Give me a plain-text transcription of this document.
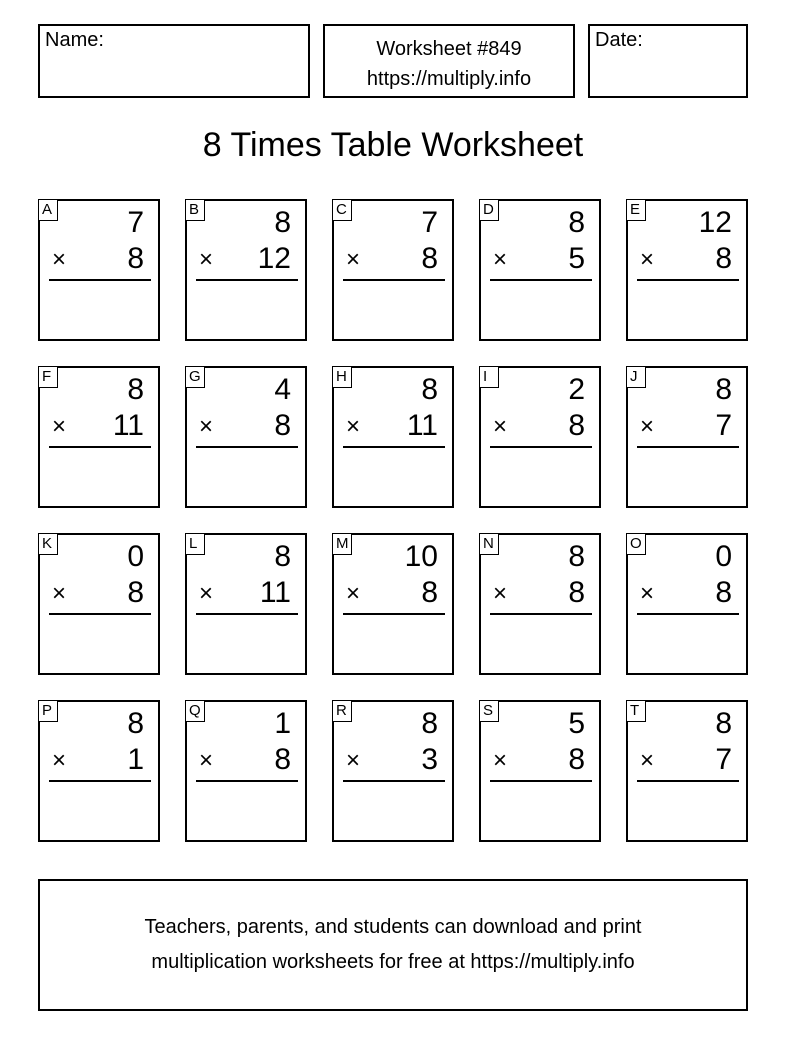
Name:	Worksheet #849
https://multiply.info
Date:
8 Times Table Worksheet
A	7
× 8
B	8
× 12
C 7
× 8
D 8
× 5
E 12
× 8
F	8
× 11
G 4
× 8
H 8
× 11
I	2
× 8
J	8
× 7
K	0
× 8
L	8
× 11
M 10
× 8
N 8
× 8
O 0
× 8
P	8
× 1
Q 1
× 8
R 8
× 3
S	5
× 8
T	8
× 7
Teachers, parents, and students can download and print
multiplication worksheets for free at https://multiply.info
